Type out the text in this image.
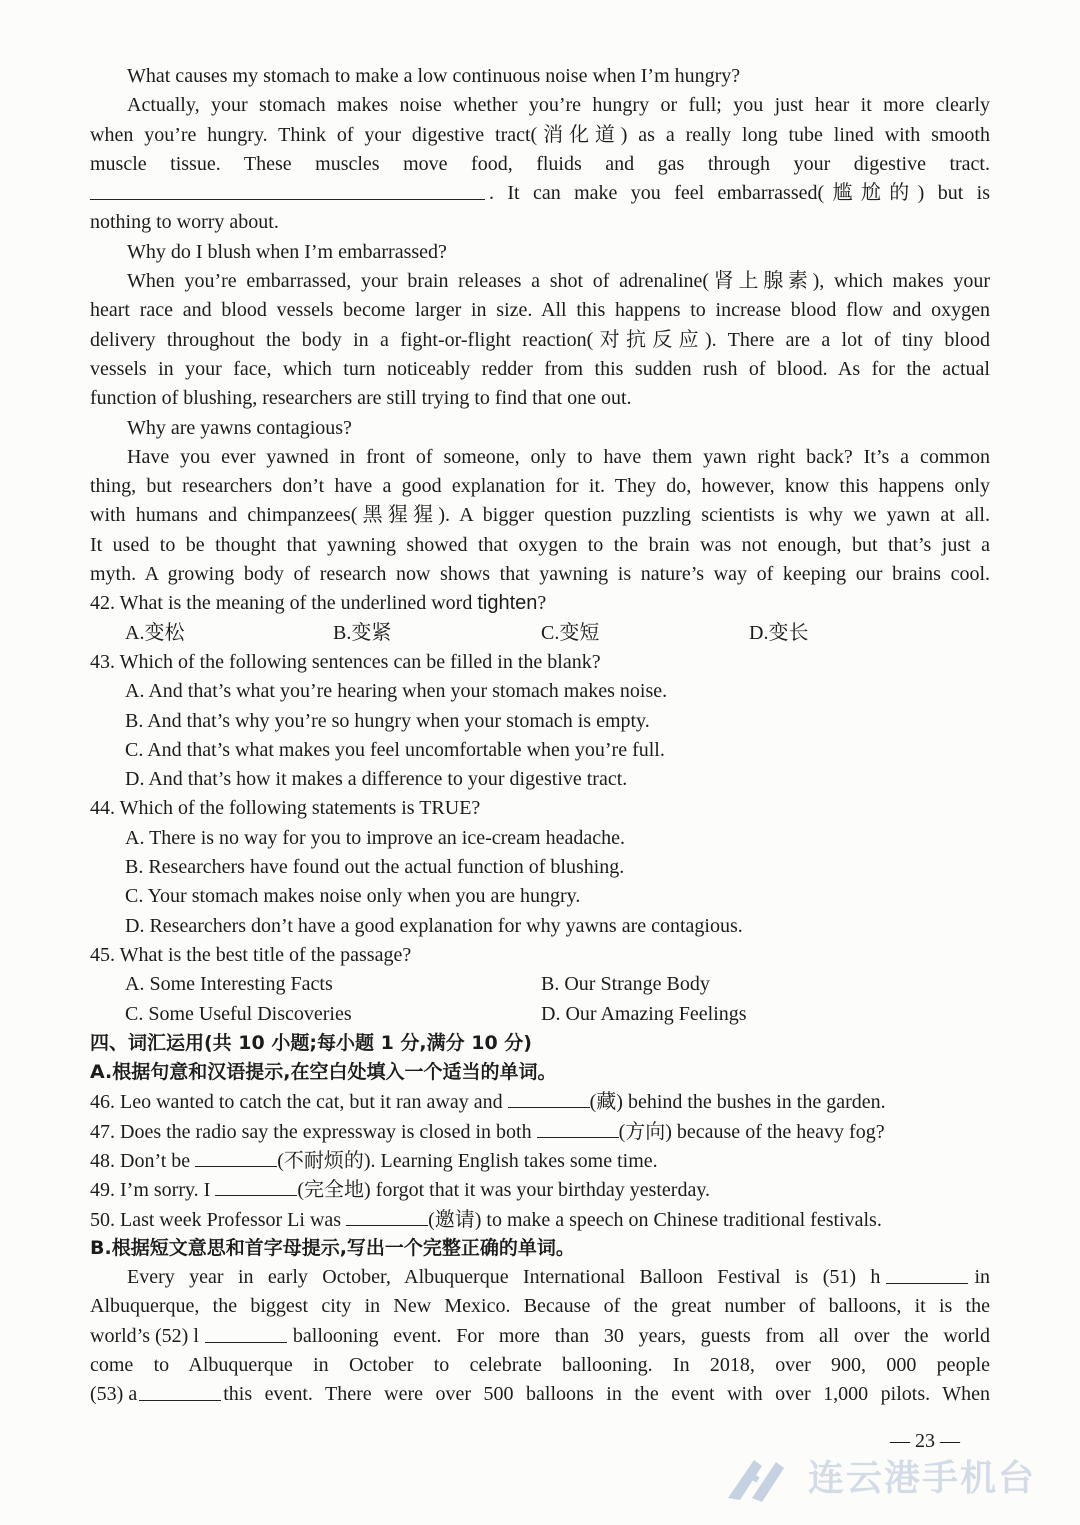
What causes my stomach to make a low continuous noise when I’m hungry?
Actually, your stomach makes noise whether you’re hungry or full; you just hear it more clearly
when you’re hungry. Think of your digestive tract(消化道) as a really long tube lined with smooth
muscle tissue. These muscles move food, fluids and gas through your digestive tract.
. It can make you feel embarrassed(尴尬的) but is
nothing to worry about.
Why do I blush when I’m embarrassed?
When you’re embarrassed, your brain releases a shot of adrenaline(肾上腺素), which makes your
heart race and blood vessels become larger in size. All this happens to increase blood flow and oxygen
delivery throughout the body in a fight-or-flight reaction(对抗反应). There are a lot of tiny blood
vessels in your face, which turn noticeably redder from this sudden rush of blood. As for the actual
function of blushing, researchers are still trying to find that one out.
Why are yawns contagious?
Have you ever yawned in front of someone, only to have them yawn right back? It’s a common
thing, but researchers don’t have a good explanation for it. They do, however, know this happens only
with humans and chimpanzees(黑猩猩). A bigger question puzzling scientists is why we yawn at all.
It used to be thought that yawning showed that oxygen to the brain was not enough, but that’s just a
myth. A growing body of research now shows that yawning is nature’s way of keeping our brains cool.
42. What is the meaning of the underlined word tighten?
A.变松	B.变紧	C.变短	D.变长
43. Which of the following sentences can be filled in the blank?
A. And that’s what you’re hearing when your stomach makes noise.
B. And that’s why you’re so hungry when your stomach is empty.
C. And that’s what makes you feel uncomfortable when you’re full.
D. And that’s how it makes a difference to your digestive tract.
44. Which of the following statements is TRUE?
A. There is no way for you to improve an ice-cream headache.
B. Researchers have found out the actual function of blushing.
C. Your stomach makes noise only when you are hungry.
D. Researchers don’t have a good explanation for why yawns are contagious.
45. What is the best title of the passage?
A. Some Interesting Facts	B. Our Strange Body
C. Some Useful Discoveries	D. Our Amazing Feelings
四、词汇运用(共 10 小题;每小题 1 分,满分 10 分)
A.根据句意和汉语提示,在空白处填入一个适当的单词。
46. Leo wanted to catch the cat, but it ran away and	(藏) behind the bushes in the garden.
47. Does the radio say the expressway is closed in both	(方向) because of the heavy fog?
48. Don’t be	(不耐烦的). Learning English takes some time.
49. I’m sorry. I	(完全地) forgot that it was your birthday yesterday.
50. Last week Professor Li was	(邀请) to make a speech on Chinese traditional festivals.
B.根据短文意思和首字母提示,写出一个完整正确的单词。
Every year in early October, Albuquerque International Balloon Festival is (51) h	in
Albuquerque, the biggest city in New Mexico. Because of the great number of balloons, it is the
world’s (52) l	ballooning event. For more than 30 years, guests from all over the world
come to Albuquerque in October to celebrate ballooning. In 2018, over 900, 000 people
(53) a	this event. There were over 500 balloons in the event with over 1,000 pilots. When
— 23 —
连云港手机台
